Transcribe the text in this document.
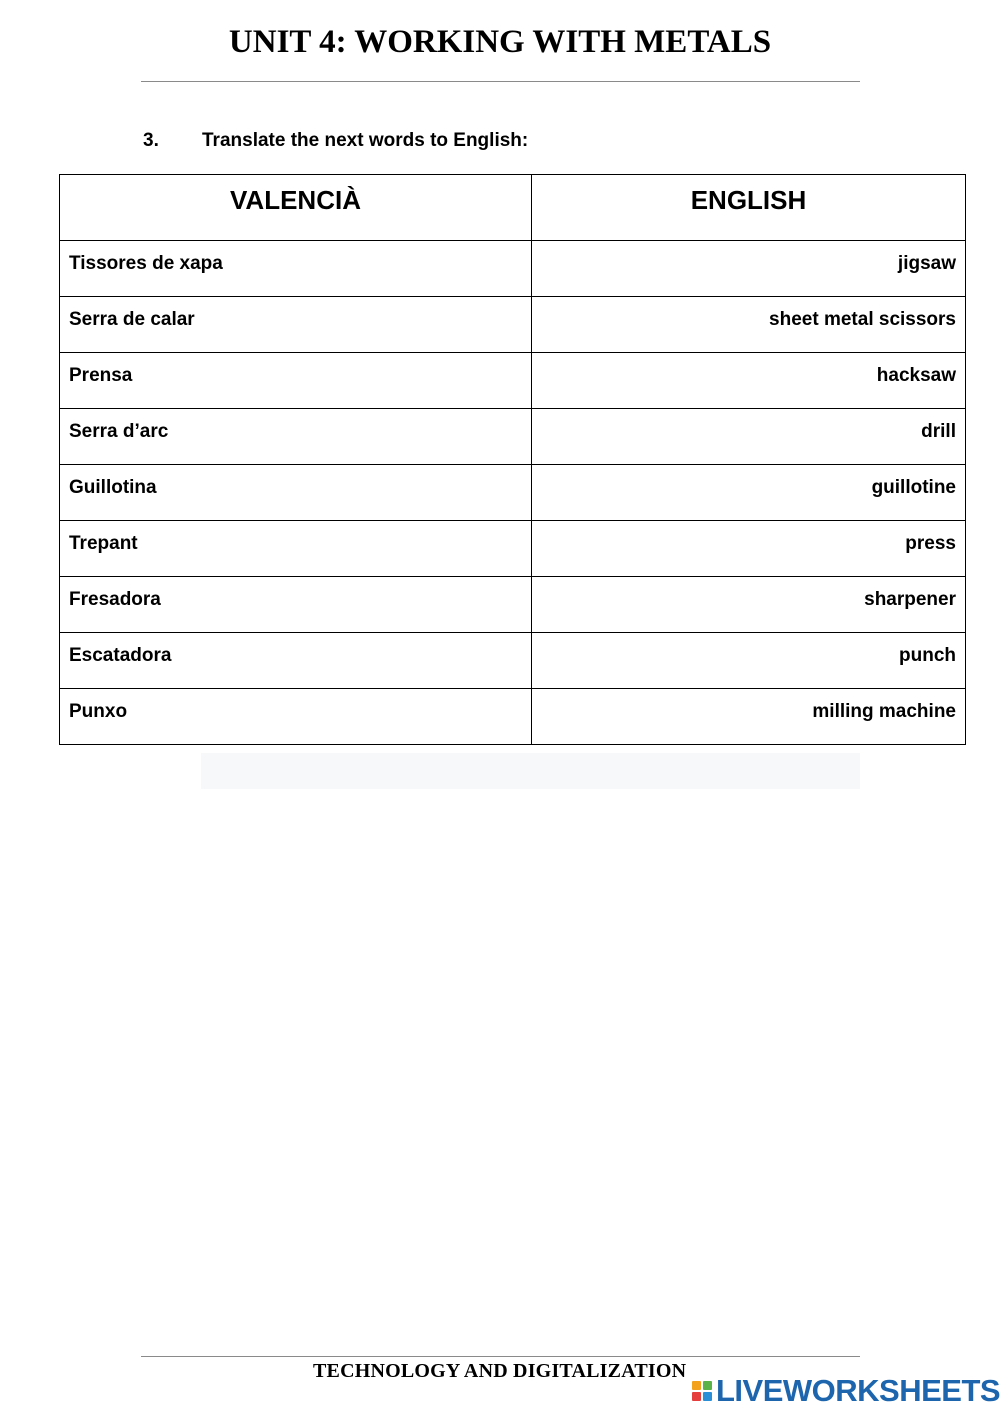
UNIT 4: WORKING WITH METALS
3.	Translate the next words to English:
VALENCIÀ	ENGLISH
Tissores de xapa	jigsaw
Serra de calar	sheet metal scissors
Prensa	hacksaw
Serra d’arc	drill
Guillotina	guillotine
Trepant	press
Fresadora	sharpener
Escatadora	punch
Punxo	milling machine
TECHNOLOGY AND DIGITALIZATION
LIVEWORKSHEETS
